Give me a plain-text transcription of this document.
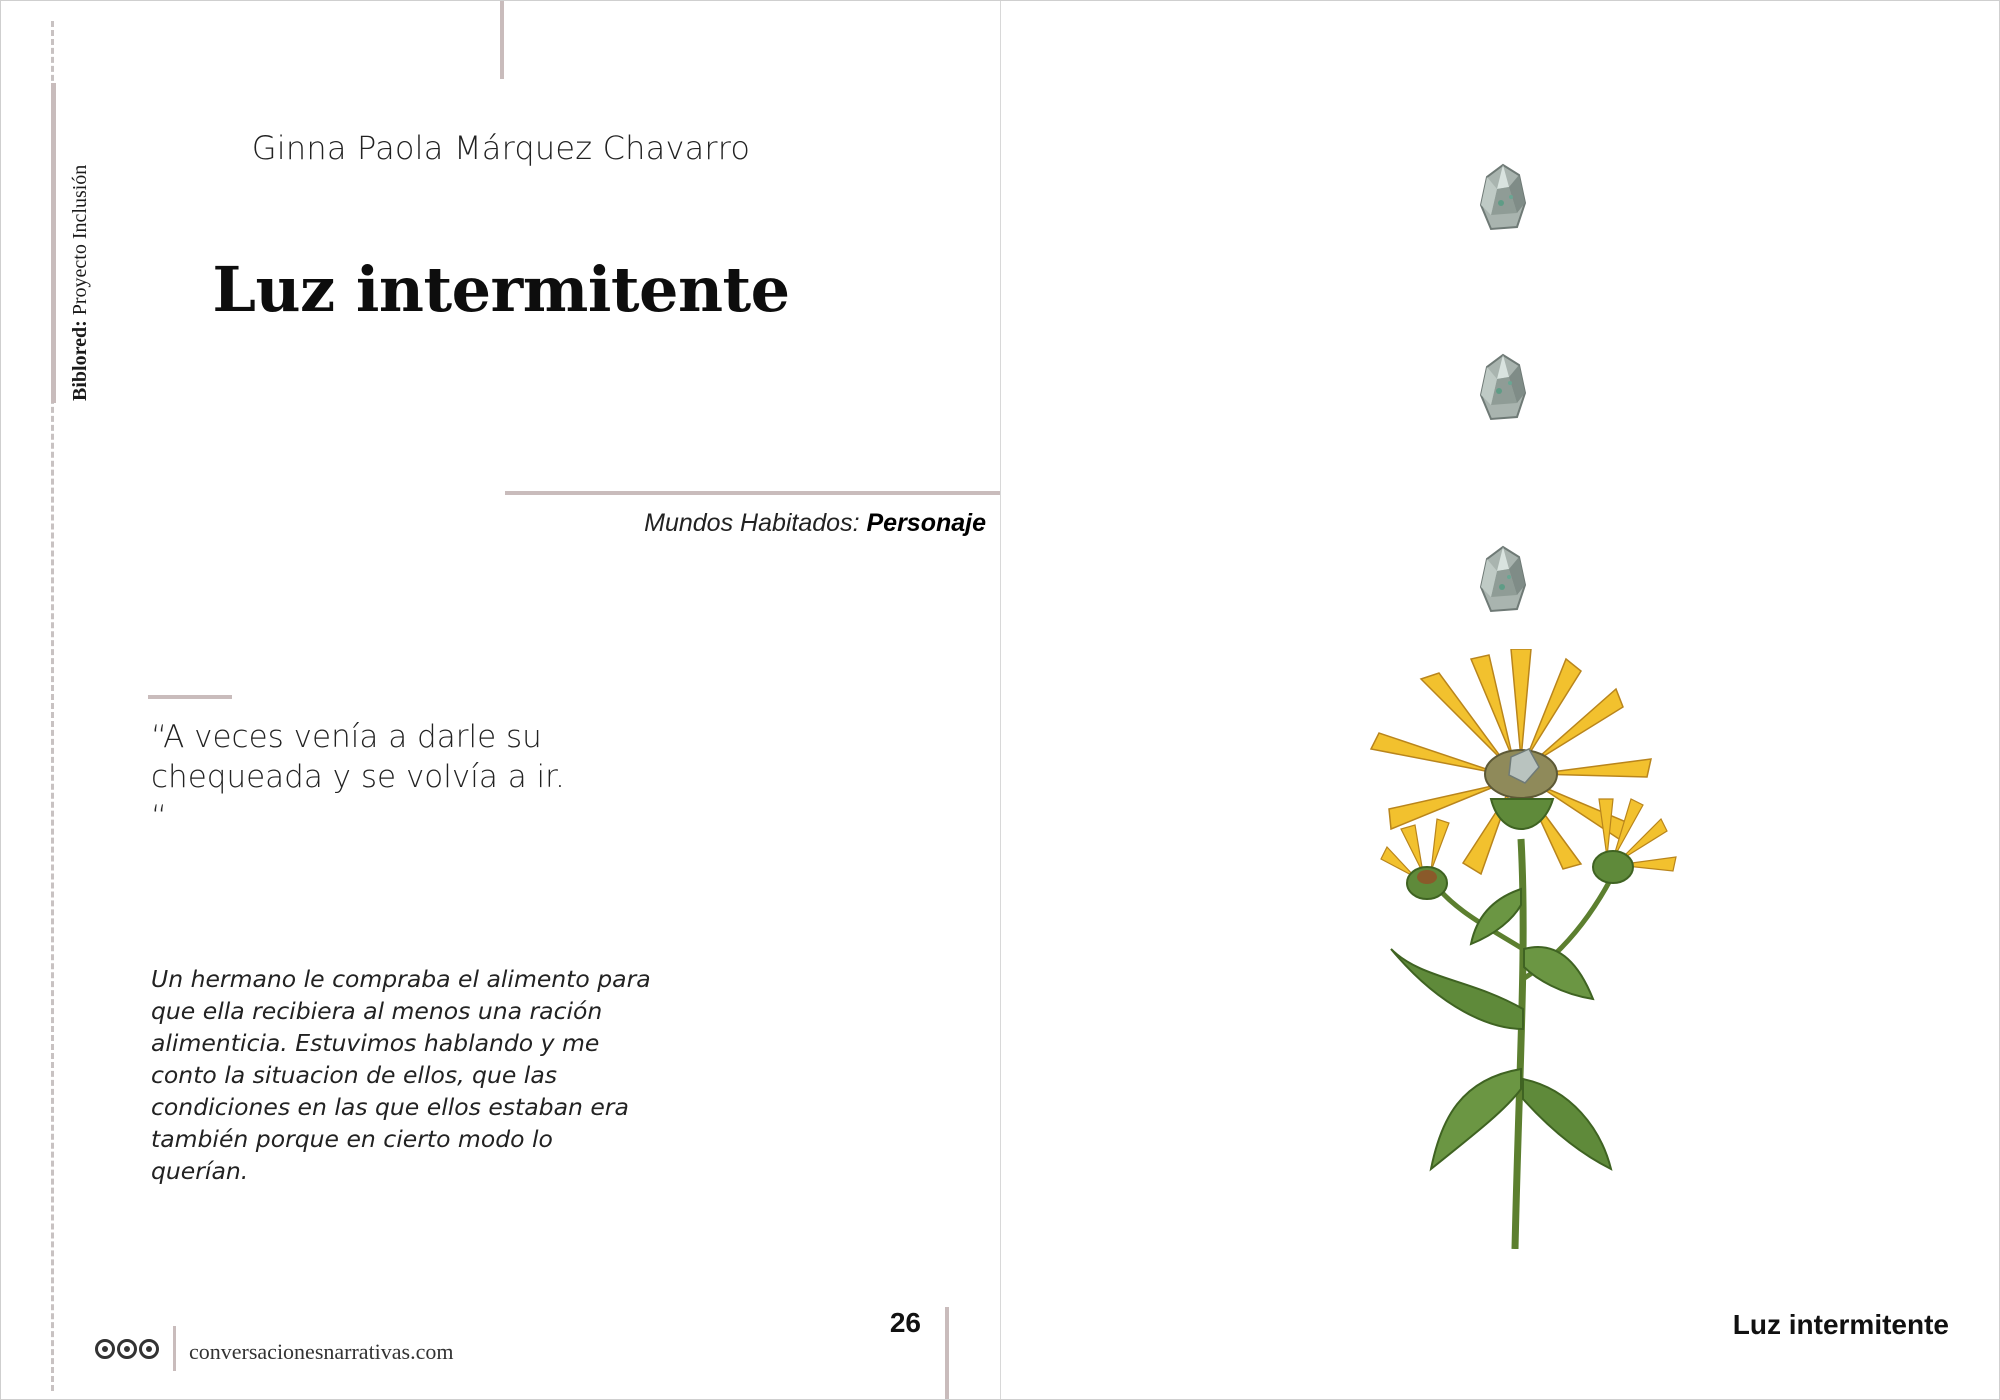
Biblored: Proyecto Inclusión
Ginna Paola Márquez Chavarro
Luz intermitente
Mundos Habitados: Personaje
“A veces venía a darle su
chequeada y se volvía a ir. “
Un hermano le compraba el alimento para
que ella recibiera al menos una ración
alimenticia. Estuvimos hablando y me
conto la situacion de ellos, que las
condiciones en las que ellos estaban era
también porque en cierto modo lo querían.
26
conversacionesnarrativas.com
Luz intermitente
